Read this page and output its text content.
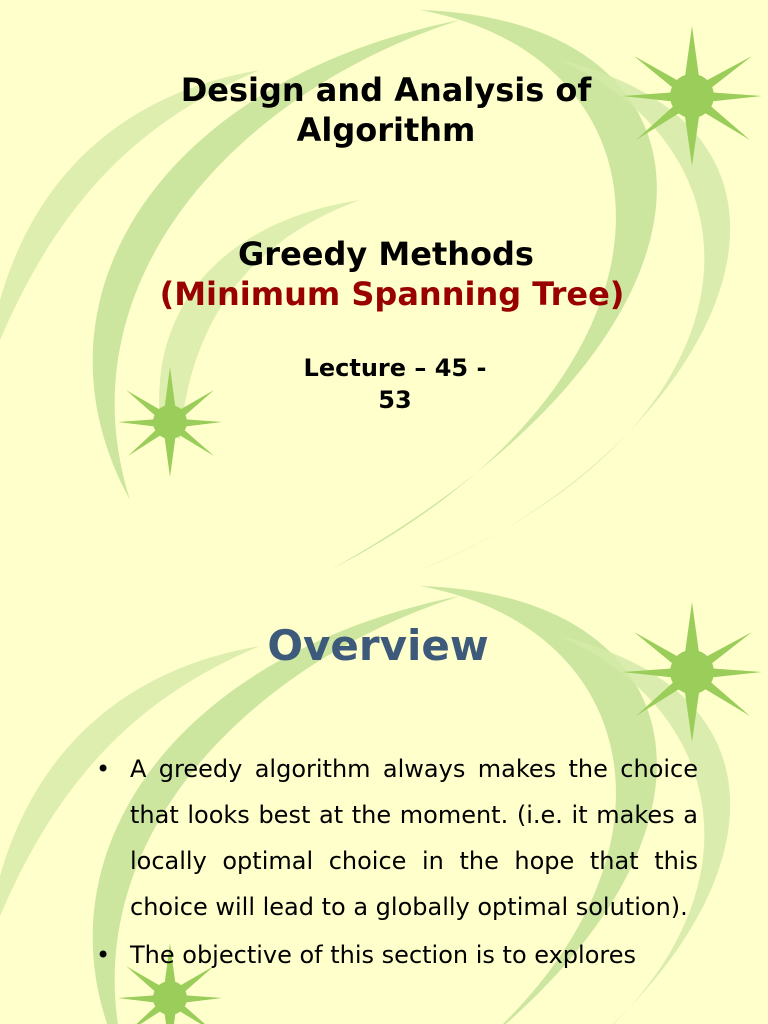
Design and Analysis of Algorithm
Greedy Methods
(Minimum Spanning Tree)
Lecture – 45 - 53
Overview
• A greedy algorithm always makes the choice that looks best at the moment. (i.e. it makes a locally optimal choice in the hope that this choice will lead to a globally optimal solution).
• The objective of this section is to explores
